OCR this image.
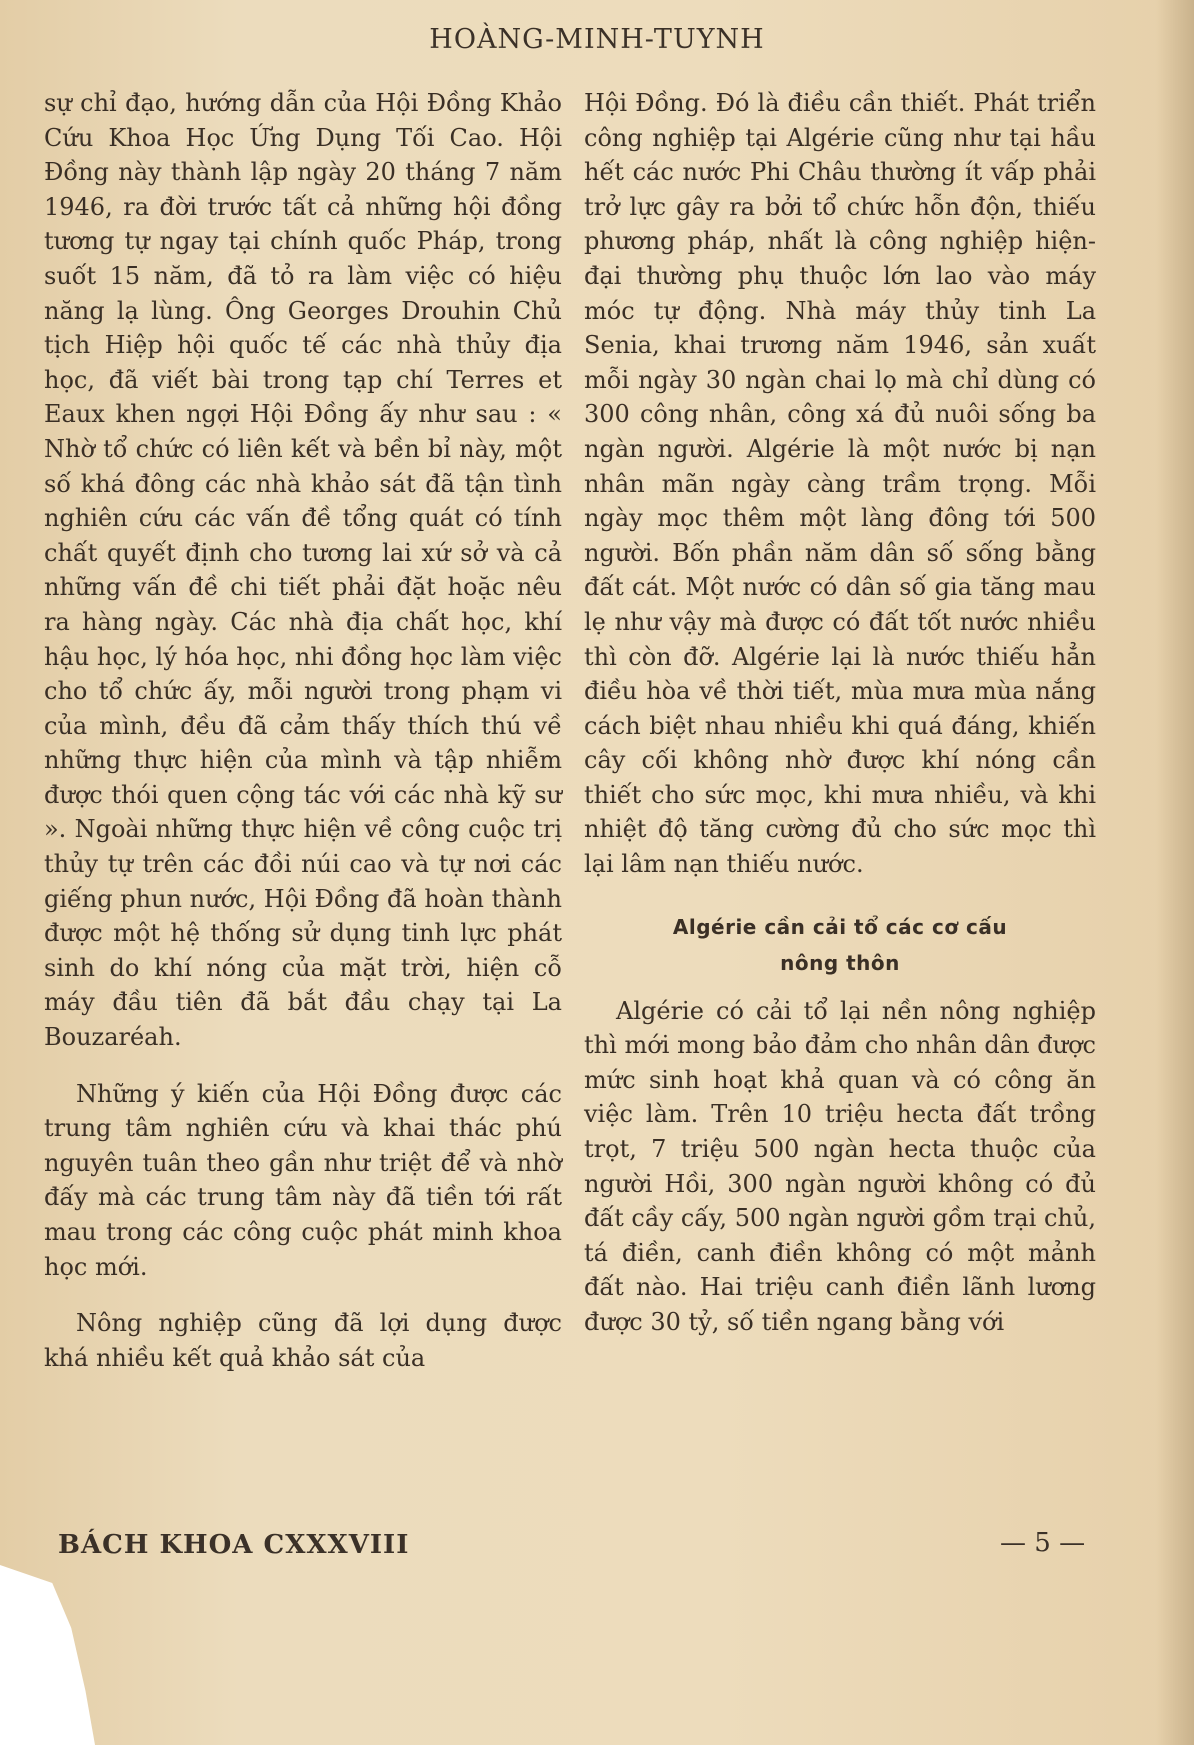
HOÀNG-MINH-TUYNH

sự chỉ đạo, hướng dẫn của Hội Đồng Khảo Cứu Khoa Học Ứng Dụng Tối Cao. Hội Đồng này thành lập ngày 20 tháng 7 năm 1946, ra đời trước tất cả những hội đồng tương tự ngay tại chính quốc Pháp, trong suốt 15 năm, đã tỏ ra làm việc có hiệu năng lạ lùng. Ông Georges Drouhin Chủ tịch Hiệp hội quốc tế các nhà thủy địa học, đã viết bài trong tạp chí Terres et Eaux khen ngợi Hội Đồng ấy như sau : « Nhờ tổ chức có liên kết và bền bỉ này, một số khá đông các nhà khảo sát đã tận tình nghiên cứu các vấn đề tổng quát có tính chất quyết định cho tương lai xứ sở và cả những vấn đề chi tiết phải đặt hoặc nêu ra hàng ngày. Các nhà địa chất học, khí hậu học, lý hóa học, nhi đồng học làm việc cho tổ chức ấy, mỗi người trong phạm vi của mình, đều đã cảm thấy thích thú về những thực hiện của mình và tập nhiễm được thói quen cộng tác với các nhà kỹ sư ». Ngoài những thực hiện về công cuộc trị thủy tự trên các đồi núi cao và tự nơi các giếng phun nước, Hội Đồng đã hoàn thành được một hệ thống sử dụng tinh lực phát sinh do khí nóng của mặt trời, hiện cỗ máy đầu tiên đã bắt đầu chạy tại La Bouzaréah.

Những ý kiến của Hội Đồng được các trung tâm nghiên cứu và khai thác phú nguyên tuân theo gần như triệt để và nhờ đấy mà các trung tâm này đã tiền tới rất mau trong các công cuộc phát minh khoa học mới.

Nông nghiệp cũng đã lợi dụng được khá nhiều kết quả khảo sát của

Hội Đồng. Đó là điều cần thiết. Phát triển công nghiệp tại Algérie cũng như tại hầu hết các nước Phi Châu thường ít vấp phải trở lực gây ra bởi tổ chức hỗn độn, thiếu phương pháp, nhất là công nghiệp hiện-đại thường phụ thuộc lớn lao vào máy móc tự động. Nhà máy thủy tinh La Senia, khai trương năm 1946, sản xuất mỗi ngày 30 ngàn chai lọ mà chỉ dùng có 300 công nhân, công xá đủ nuôi sống ba ngàn người. Algérie là một nước bị nạn nhân mãn ngày càng trầm trọng. Mỗi ngày mọc thêm một làng đông tới 500 người. Bốn phần năm dân số sống bằng đất cát. Một nước có dân số gia tăng mau lẹ như vậy mà được có đất tốt nước nhiều thì còn đỡ. Algérie lại là nước thiếu hẳn điều hòa về thời tiết, mùa mưa mùa nắng cách biệt nhau nhiều khi quá đáng, khiến cây cối không nhờ được khí nóng cần thiết cho sức mọc, khi mưa nhiều, và khi nhiệt độ tăng cường đủ cho sức mọc thì lại lâm nạn thiếu nước.

Algérie cần cải tổ các cơ cấu
nông thôn

Algérie có cải tổ lại nền nông nghiệp thì mới mong bảo đảm cho nhân dân được mức sinh hoạt khả quan và có công ăn việc làm. Trên 10 triệu hecta đất trồng trọt, 7 triệu 500 ngàn hecta thuộc của người Hồi, 300 ngàn người không có đủ đất cầy cấy, 500 ngàn người gồm trại chủ, tá điền, canh điền không có một mảnh đất nào. Hai triệu canh điền lãnh lương được 30 tỷ, số tiền ngang bằng với

BÁCH KHOA CXXXVIII	— 5 —
